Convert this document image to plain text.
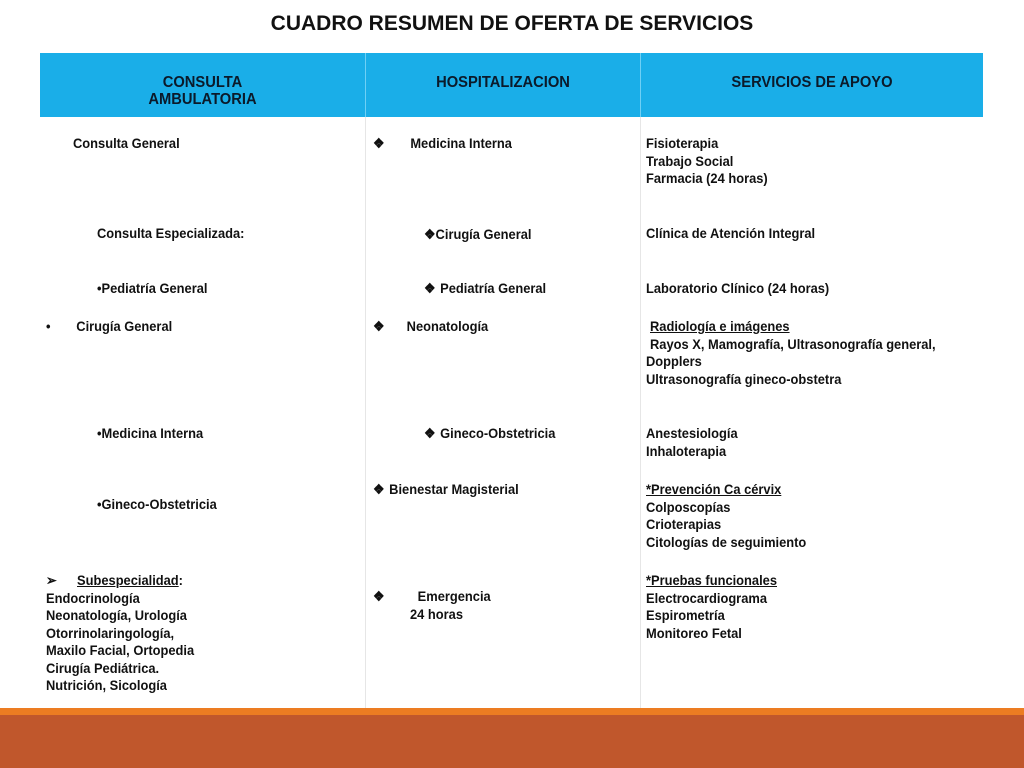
CUADRO RESUMEN DE OFERTA DE SERVICIOS
CONSULTA
AMBULATORIA
HOSPITALIZACION	SERVICIOS DE APOYO
Consulta General
Consulta Especializada:
•Pediatría General
• Cirugía General
•Medicina Interna
•Gineco-Obstetricia
➢ Subespecialidad:
Endocrinología
Neonatología, Urología
Otorrinolaringología,
Maxilo Facial, Ortopedia
Cirugía Pediátrica.
Nutrición, Sicología
❖ Medicina Interna
❖Cirugía General
❖ Pediatría General
❖ Neonatología
❖ Gineco-Obstetricia
❖ Bienestar Magisterial
❖ Emergencia
24 horas
Fisioterapia
Trabajo Social
Farmacia (24 horas)
Clínica de Atención Integral
Laboratorio Clínico (24 horas)
Radiología e imágenes
Rayos X, Mamografía, Ultrasonografía general,
Dopplers
Ultrasonografía gineco-obstetra
Anestesiología
Inhaloterapia
*Prevención Ca cérvix
Colposcopías
Crioterapias
Citologías de seguimiento
*Pruebas funcionales
Electrocardiograma
Espirometría
Monitoreo Fetal
